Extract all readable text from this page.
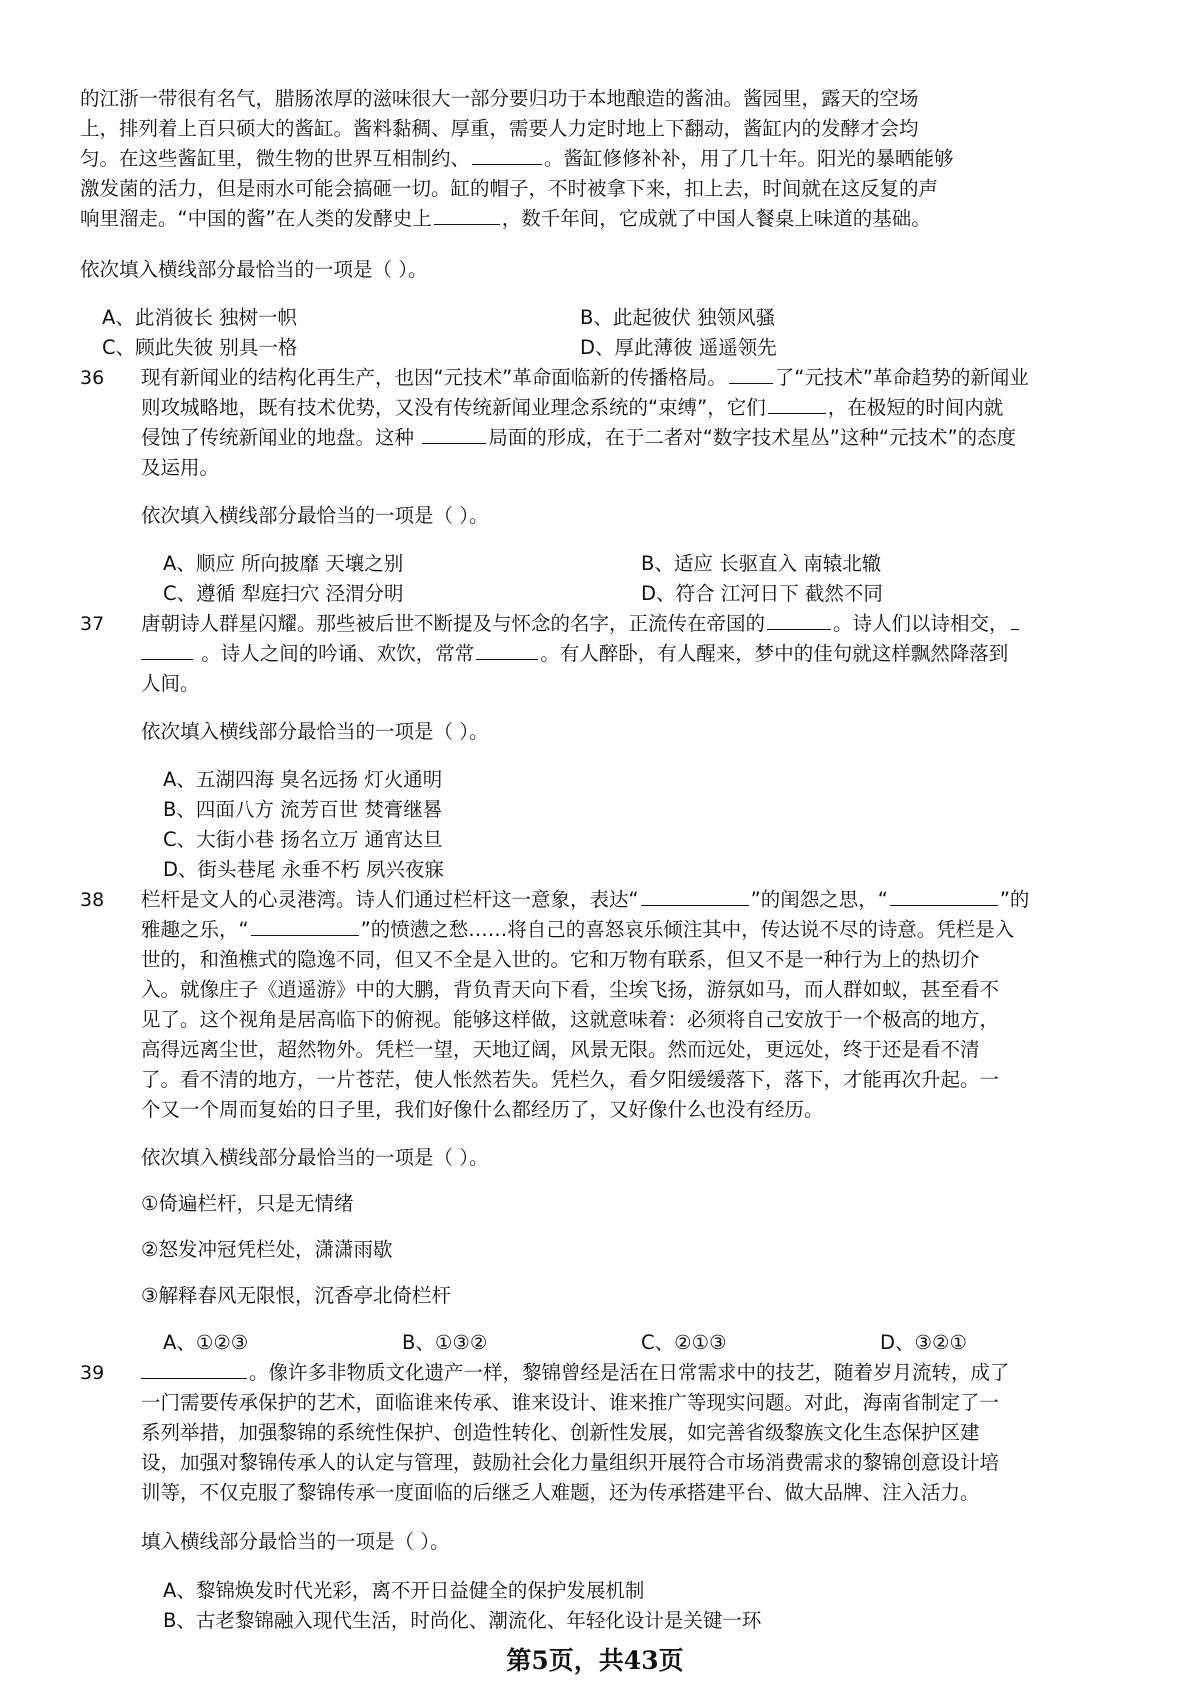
的江浙一带很有名气，腊肠浓厚的滋味很大一部分要归功于本地酿造的酱油。酱园里，露天的空场
上，排列着上百只硕大的酱缸。酱料黏稠、厚重，需要人力定时地上下翻动，酱缸内的发酵才会均
匀。在这些酱缸里，微生物的世界互相制约、	。酱缸修修补补，用了几十年。阳光的暴晒能够
激发菌的活力，但是雨水可能会搞砸一切。缸的帽子，不时被拿下来，扣上去，时间就在这反复的声
响里溜走。“中国的酱”在人类的发酵史上	，数千年间，它成就了中国人餐桌上味道的基础。
依次填入横线部分最恰当的一项是（ ）。
A、此消彼长 独树一帜	B、此起彼伏 独领风骚
C、顾此失彼 别具一格	D、厚此薄彼 遥遥领先
36 现有新闻业的结构化再生产，也因“元技术”革命面临新的传播格局。 了“元技术”革命趋势的新闻业
则攻城略地，既有技术优势，又没有传统新闻业理念系统的“束缚”，它们	，在极短的时间内就
侵蚀了传统新闻业的地盘。这种	局面的形成，在于二者对“数字技术星丛”这种“元技术”的态度
及运用。
依次填入横线部分最恰当的一项是（ ）。
A、顺应 所向披靡 天壤之别	B、适应 长驱直入 南辕北辙
C、遵循 犁庭扫穴 泾渭分明	D、符合 江河日下 截然不同
37 唐朝诗人群星闪耀。那些被后世不断提及与怀念的名字，正流传在帝国的	。诗人们以诗相交，
。诗人之间的吟诵、欢饮，常常	。有人醉卧，有人醒来，梦中的佳句就这样飘然降落到
人间。
依次填入横线部分最恰当的一项是（ ）。
A、五湖四海 臭名远扬 灯火通明
B、四面八方 流芳百世 焚膏继晷
C、大街小巷 扬名立万 通宵达旦
D、街头巷尾 永垂不朽 夙兴夜寐
38 栏杆是文人的心灵港湾。诗人们通过栏杆这一意象，表达“	”的闺怨之思，“	”的
雅趣之乐，“	”的愤懑之愁……将自己的喜怒哀乐倾注其中，传达说不尽的诗意。凭栏是入
世的，和渔樵式的隐逸不同，但又不全是入世的。它和万物有联系，但又不是一种行为上的热切介
入。就像庄子《逍遥游》中的大鹏，背负青天向下看，尘埃飞扬，游氛如马，而人群如蚁，甚至看不
见了。这个视角是居高临下的俯视。能够这样做，这就意味着：必须将自己安放于一个极高的地方，
高得远离尘世，超然物外。凭栏一望，天地辽阔，风景无限。然而远处，更远处，终于还是看不清
了。看不清的地方，一片苍茫，使人怅然若失。凭栏久，看夕阳缓缓落下，落下，才能再次升起。一
个又一个周而复始的日子里，我们好像什么都经历了，又好像什么也没有经历。
依次填入横线部分最恰当的一项是（ ）。
①倚遍栏杆，只是无情绪
②怒发冲冠凭栏处，潇潇雨歇
③解释春风无限恨，沉香亭北倚栏杆
A、①②③	B、①③②	C、②①③	D、③②①
39	。像许多非物质文化遗产一样，黎锦曾经是活在日常需求中的技艺，随着岁月流转，成了
一门需要传承保护的艺术，面临谁来传承、谁来设计、谁来推广等现实问题。对此，海南省制定了一
系列举措，加强黎锦的系统性保护、创造性转化、创新性发展，如完善省级黎族文化生态保护区建
设，加强对黎锦传承人的认定与管理，鼓励社会化力量组织开展符合市场消费需求的黎锦创意设计培
训等，不仅克服了黎锦传承一度面临的后继乏人难题，还为传承搭建平台、做大品牌、注入活力。
填入横线部分最恰当的一项是（ ）。
A、黎锦焕发时代光彩，离不开日益健全的保护发展机制
B、古老黎锦融入现代生活，时尚化、潮流化、年轻化设计是关键一环
第5页，共43页
